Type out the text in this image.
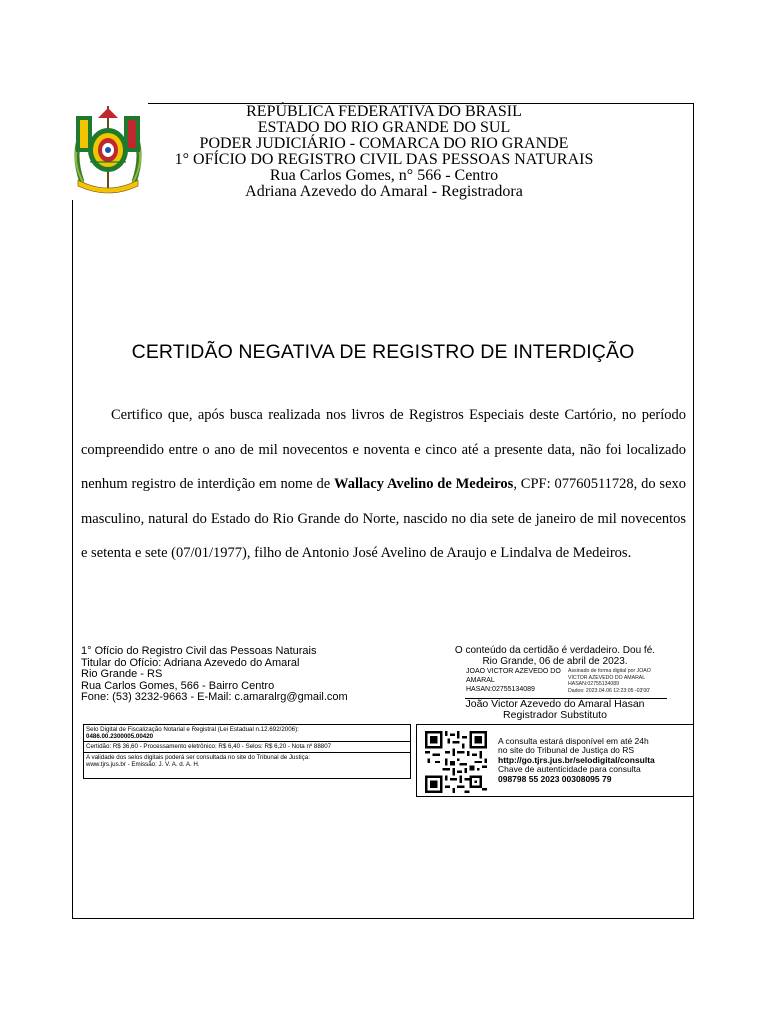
REPÚBLICA FEDERATIVA DO BRASIL
ESTADO DO RIO GRANDE DO SUL
PODER JUDICIÁRIO - COMARCA DO RIO GRANDE
1° OFÍCIO DO REGISTRO CIVIL DAS PESSOAS NATURAIS
Rua Carlos Gomes, n° 566 - Centro
Adriana Azevedo do Amaral - Registradora
CERTIDÃO NEGATIVA DE REGISTRO DE INTERDIÇÃO
Certifico que, após busca realizada nos livros de Registros Especiais deste Cartório, no período compreendido entre o ano de mil novecentos e noventa e cinco até a presente data, não foi localizado nenhum registro de interdição em nome de Wallacy Avelino de Medeiros, CPF: 07760511728, do sexo masculino, natural do Estado do Rio Grande do Norte, nascido no dia sete de janeiro de mil novecentos e setenta e sete (07/01/1977), filho de Antonio José Avelino de Araujo e Lindalva de Medeiros.
1° Ofício do Registro Civil das Pessoas Naturais
Titular do Ofício: Adriana Azevedo do Amaral
Rio Grande - RS
Rua Carlos Gomes, 566 - Bairro Centro
Fone: (53) 3232-9663 - E-Mail: c.amaralrg@gmail.com
O conteúdo da certidão é verdadeiro. Dou fé.
Rio Grande, 06 de abril de 2023.
JOAO VICTOR AZEVEDO DO
AMARAL
HASAN:02755134089
Assinado de forma digital por JOAO
VICTOR AZEVEDO DO AMARAL
HASAN:02755134089
Dados: 2023.04.06 12:23:05 -03'00'
João Victor Azevedo do Amaral Hasan
Registrador Substituto
Selo Digital de Fiscalização Notarial e Registral (Lei Estadual n.12.692/2006):
0486.00.2300005.00420
Certidão: R$ 36,60 - Processamento eletrônico: R$ 6,40 - Selos: R$ 6,20 - Nota nº 88807
A validade dos selos digitais poderá ser consultada no site do Tribunal de Justiça:
www.tjrs.jus.br - Emissão: J. V. A. d. A. H.
A consulta estará disponível em até 24h
no site do Tribunal de Justiça do RS
http://go.tjrs.jus.br/selodigital/consulta
Chave de autenticidade para consulta
098798 55 2023 00308095 79
